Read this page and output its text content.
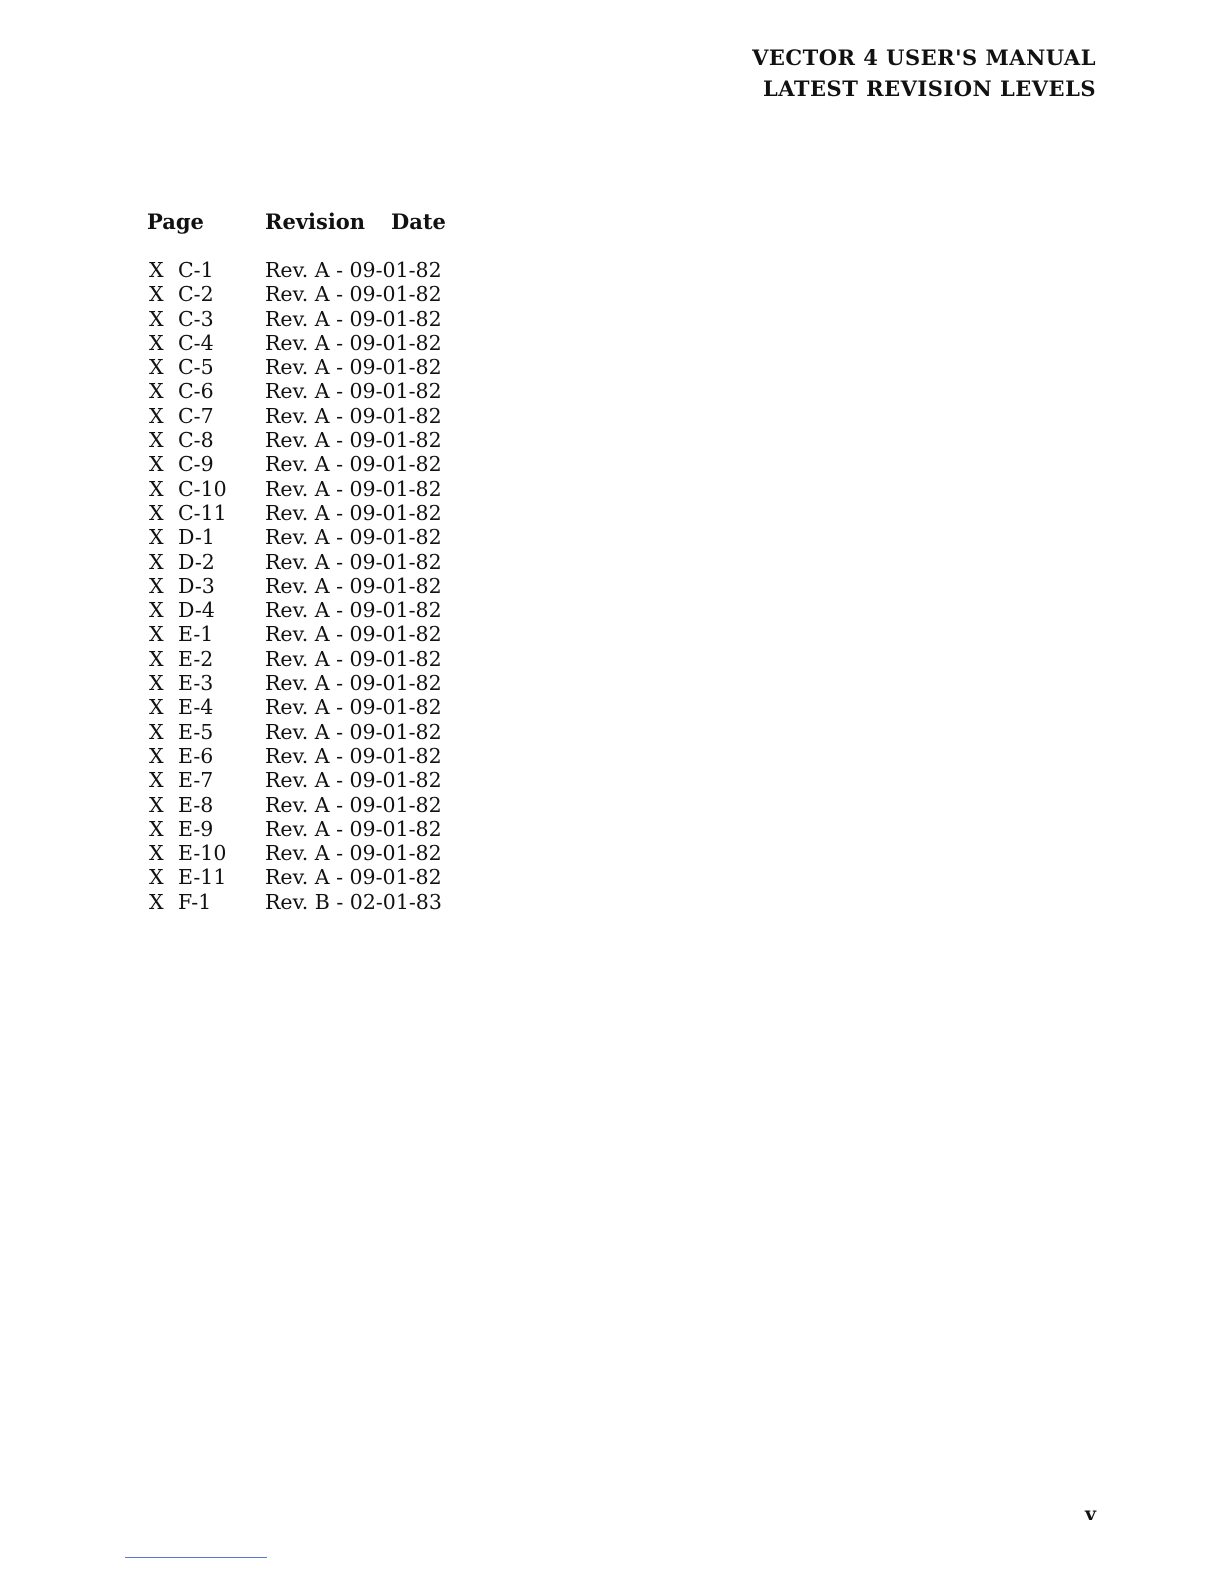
VECTOR 4 USER'S MANUAL
LATEST REVISION LEVELS
Page	Revision Date
X C-1	Rev. A - 09-01-82
X C-2	Rev. A - 09-01-82
X C-3	Rev. A - 09-01-82
X C-4	Rev. A - 09-01-82
X C-5	Rev. A - 09-01-82
X C-6	Rev. A - 09-01-82
X C-7	Rev. A - 09-01-82
X C-8	Rev. A - 09-01-82
X C-9	Rev. A - 09-01-82
X C-10 Rev. A - 09-01-82
X C-11 Rev. A - 09-01-82
X D-1 Rev. A - 09-01-82
X D-2 Rev. A - 09-01-82
X D-3 Rev. A - 09-01-82
X D-4 Rev. A - 09-01-82
X E-1	Rev. A - 09-01-82
X E-2	Rev. A - 09-01-82
X E-3	Rev. A - 09-01-82
X E-4	Rev. A - 09-01-82
X E-5	Rev. A - 09-01-82
X E-6	Rev. A - 09-01-82
X E-7	Rev. A - 09-01-82
X E-8	Rev. A - 09-01-82
X E-9	Rev. A - 09-01-82
X E-10 Rev. A - 09-01-82
X E-11 Rev. A - 09-01-82
X F-1	Rev. B - 02-01-83
v
